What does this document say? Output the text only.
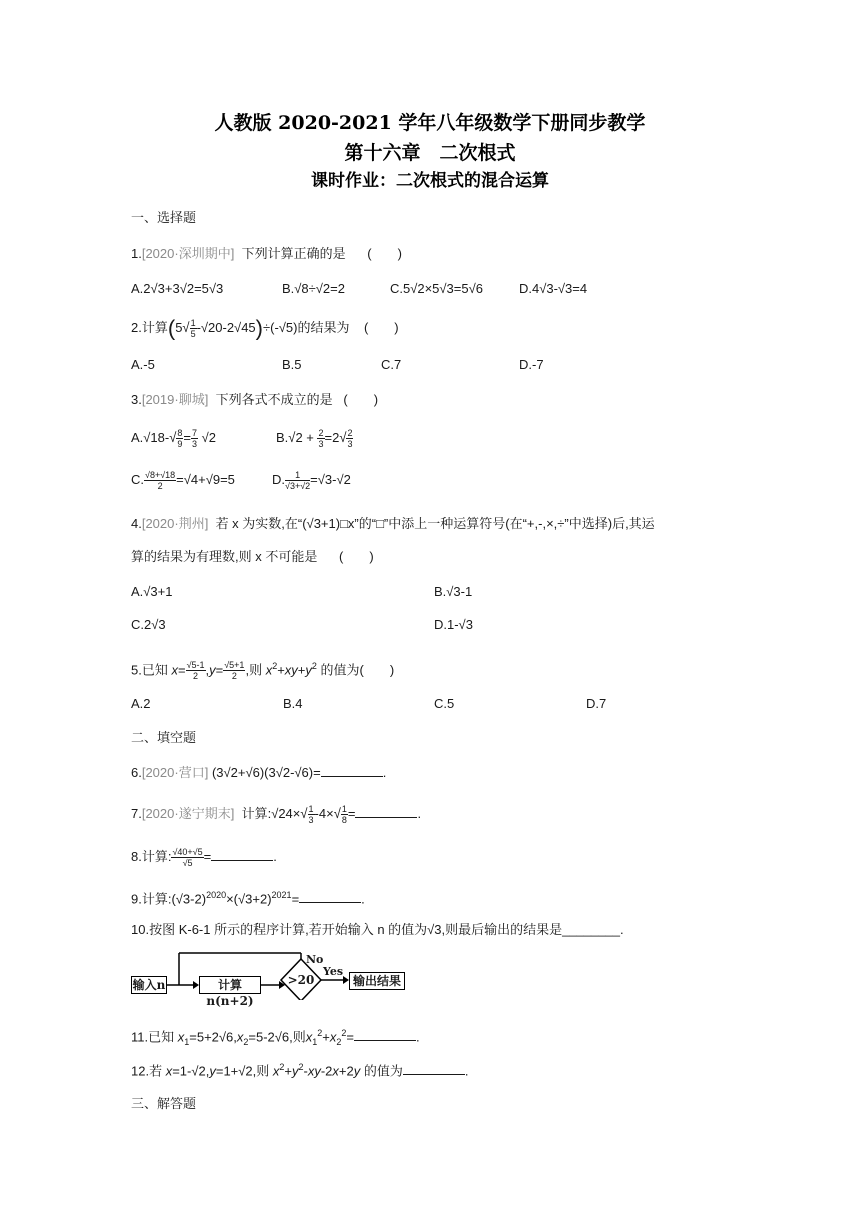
人教版 2020-2021 学年八年级数学下册同步教学
第十六章　二次根式
课时作业：二次根式的混合运算
一、选择题
1.[2020·深圳期中] 下列计算正确的是 (　　)
A.2√3+3√2=5√3	B.√8÷√2=2	C.5√2×5√3=5√6	D.4√3-√3=4
2.计算$(5√ \frac{1}{5} -√20-2√45)\div(-√5)$的结果为 (　　)
A.-5	B.5	C.7	D.-7
3.[2019·聊城] 下列各式不成立的是 (　　)
$A.√18-√ \frac{8}{9} = \frac{7}{3} √2$	$B.√2 + \frac{2}{3} =2√ \frac{2}{3}$
C. $\frac{√8+√18}{2} =√4+√9=5$	D. $\frac{1}{√3+√2} =√3-√2$
4.[2020·荆州] 若 x 为实数,在“(√3+1)□x”的“□”中添上一种运算符号(在“+,-,×,÷”中选择)后,其运
算的结果为有理数,则 x 不可能是 (　　)
A.√3+1	B.√3-1
C.2√3	D.1-√3
5.已知 $x= \frac{√5-1}{2} ,y= \frac{√5+1}{2}$ ,则 $x^2+xy+y^2$ 的值为(　　)
A.2	B.4	C.5	D.7
二、填空题
6.[2020·营口] (3√2+√6)(3√2-√6)=	.
7.[2020·遂宁期末] 计算:√24×√ $\frac{1}{3} -4\times√ \frac{1}{8}$ =	.
8.计算: $\frac{√40+√5}{√5}$ =	.
9.计算$:(√3-2)^{2020}\times(√3+2)^{2021}=$	.
10.按图 K-6-1 所示的程序计算,若开始输入 n 的值为√3,则最后输出的结果是________.
输入n	计算n(n+2)
>20
No
Yes
输出结果
11.已知 $x_1=5+2√6,x_2=5-2√6$,则$x_1^2+x_2^2=$	.
12.若 x=1-√2,y=1+√2,则 $x^2+y^2-xy-2x+2y$ 的值为	.
三、解答题
